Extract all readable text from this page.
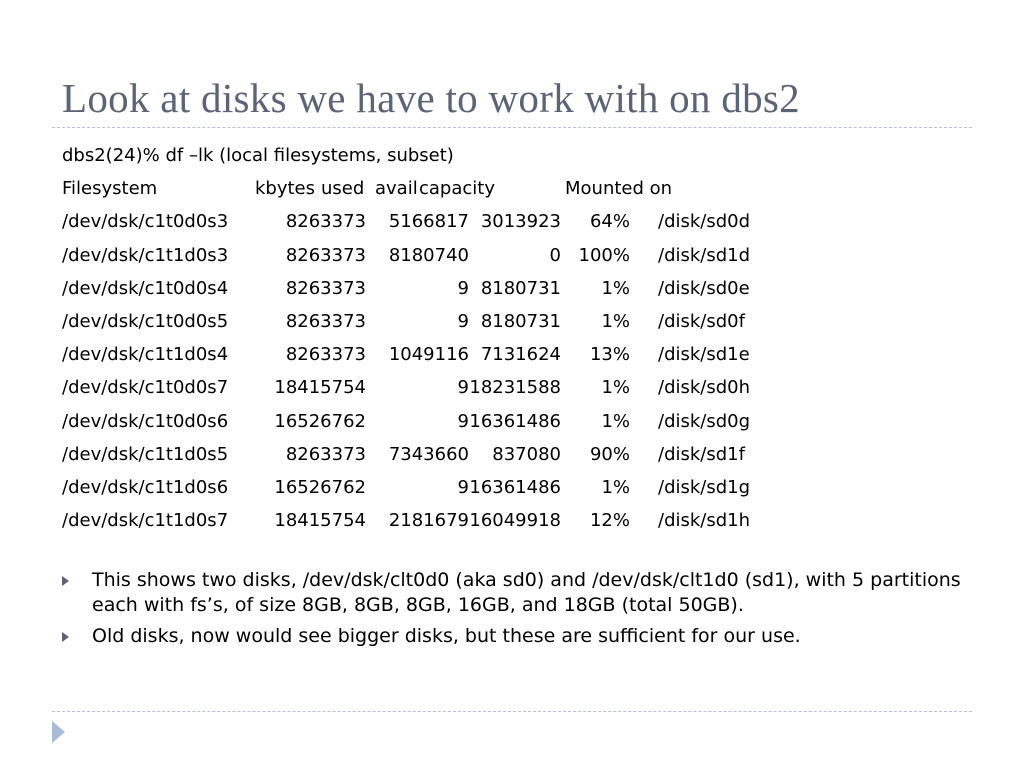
Look at disks we have to work with on dbs2
dbs2(24)% df –lk (local filesystems, subset)
Filesystem	kbytes used avail capacity	Mounted on
/dev/dsk/c1t0d0s3	8263373 5166817 3013923 64% /disk/sd0d
/dev/dsk/c1t1d0s3	8263373 8180740	0 100% /disk/sd1d
/dev/dsk/c1t0d0s4	8263373	9 8180731 1% /disk/sd0e
/dev/dsk/c1t0d0s5	8263373	9 8180731 1% /disk/sd0f
/dev/dsk/c1t1d0s4	8263373 1049116 7131624 13% /disk/sd1e
/dev/dsk/c1t0d0s7	18415754	9 18231588 1% /disk/sd0h
/dev/dsk/c1t0d0s6	16526762	9 16361486 1% /disk/sd0g
/dev/dsk/c1t1d0s5	8263373 7343660 837080 90% /disk/sd1f
/dev/dsk/c1t1d0s6	16526762	9 16361486 1% /disk/sd1g
/dev/dsk/c1t1d0s7	18415754 2181679 16049918 12% /disk/sd1h
This shows two disks, /dev/dsk/clt0d0 (aka sd0) and /dev/dsk/clt1d0 (sd1), with 5 partitions each with fs’s, of size 8GB, 8GB, 8GB, 16GB, and 18GB (total 50GB).
Old disks, now would see bigger disks, but these are sufficient for our use.
